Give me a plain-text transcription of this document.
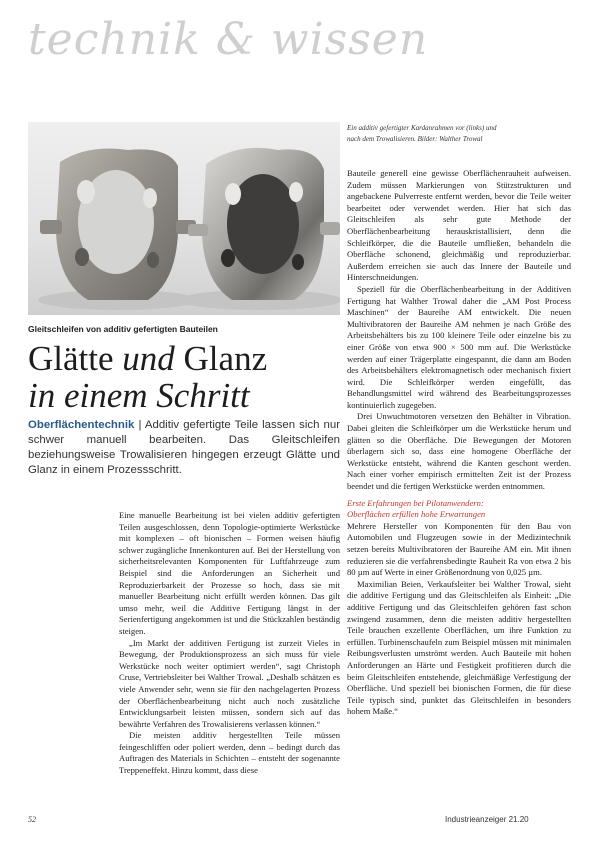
technik & wissen
Ein additiv gefertigter Kardanrahmen vor (links) und
nach dem Trowalisieren. Bilder: Walther Trowal
Gleitschleifen von additiv gefertigten Bauteilen
Glätte und Glanz
in einem Schritt
Oberflächentechnik | Additiv gefertigte Teile lassen sich nur schwer manuell bearbeiten. Das Gleitschleifen beziehungsweise Trowalisieren hingegen erzeugt Glätte und Glanz in einem Prozessschritt.

Eine manuelle Bearbeitung ist bei vielen additiv gefertigten Teilen ausgeschlossen, denn Topologie-optimierte Werkstücke mit komplexen – oft bionischen – Formen weisen häufig schwer zugängliche Innenkonturen auf. Bei der Herstellung von sicherheitsrelevanten Komponenten für Luftfahrzeuge zum Beispiel sind die Anforderungen an Sicherheit und Reproduzierbarkeit der Prozesse so hoch, dass sie mit manueller Bearbeitung nicht erfüllt werden können. Das gilt umso mehr, weil die Additive Fertigung längst in der Serienfertigung angekommen ist und die Stückzahlen beständig steigen.

„Im Markt der additiven Fertigung ist zurzeit Vieles in Bewegung, der Produktionsprozess an sich muss für viele Werkstücke noch weiter optimiert werden“, sagt Christoph Cruse, Vertriebsleiter bei Walther Trowal. „Deshalb schätzen es viele Anwender sehr, wenn sie für den nachgelagerten Prozess der Oberflächenbearbeitung nicht auch noch zusätzliche Entwicklungsarbeit leisten müssen, sondern sich auf das bewährte Verfahren des Trowalisierens verlassen können.“

Die meisten additiv hergestellten Teile müssen feingeschliffen oder poliert werden, denn – bedingt durch das Auftragen des Materials in Schichten – entsteht der sogenannte Treppeneffekt. Hinzu kommt, dass diese

Bauteile generell eine gewisse Oberflächenrauheit aufweisen. Zudem müssen Markierungen von Stützstrukturen und angebackene Pulverreste entfernt werden, bevor die Teile weiter bearbeitet oder verwendet werden. Hier hat sich das Gleitschleifen als sehr gute Methode der Oberflächenbearbeitung herauskristallisiert, denn die Schleifkörper, die die Bauteile umfließen, behandeln die Oberfläche schonend, gleichmäßig und reproduzierbar. Außerdem erreichen sie auch das Innere der Bauteile und Hinterschneidungen.

Speziell für die Oberflächenbearbeitung in der Additiven Fertigung hat Walther Trowal daher die „AM Post Process Maschinen“ der Baureihe AM entwickelt. Die neuen Multivibratoren der Baureihe AM nehmen je nach Größe des Arbeitsbehälters bis zu 100 kleinere Teile oder einzelne bis zu einer Größe von etwa 900 × 500 mm auf. Die Werkstücke werden auf einer Trägerplatte eingespannt, die dann am Boden des Arbeitsbehälters elektromagnetisch oder mechanisch fixiert wird. Die Schleifkörper werden eingefüllt, das Behandlungsmittel wird während des Bearbeitungsprozesses kontinuierlich zugegeben.

Drei Unwuchtmotoren versetzen den Behälter in Vibration. Dabei gleiten die Schleifkörper um die Werkstücke herum und glätten so die Oberfläche. Die Bewegungen der Motoren überlagern sich so, dass eine homogene Oberfläche der Werkstücke entsteht, während die Kanten geschont werden. Nach einer vorher empirisch ermittelten Zeit ist der Prozess beendet und die fertigen Werkstücke werden entnommen.

Erste Erfahrungen bei Pilotanwendern:
Oberflächen erfüllen hohe Erwartungen

Mehrere Hersteller von Komponenten für den Bau von Automobilen und Flugzeugen sowie in der Medizintechnik setzen bereits Multivibratoren der Baureihe AM ein. Mit ihnen reduzieren sie die verfahrensbedingte Rauheit Ra von etwa 2 bis 80 µm auf Werte in einer Größenordnung von 0,025 µm.

Maximilian Beien, Verkaufsleiter bei Walther Trowal, sieht die additive Fertigung und das Gleitschleifen als Einheit: „Die additive Fertigung und das Gleitschleifen gehören fast schon zwingend zusammen, denn die meisten additiv hergestellten Teile brauchen exzellente Oberflächen, um ihre Funktion zu erfüllen. Turbinenschaufeln zum Beispiel müssen mit minimalen Reibungsverlusten umströmt werden. Auch Bauteile mit hohen Anforderungen an Härte und Festigkeit profitieren durch die beim Gleitschleifen entstehende, gleichmäßige Verfestigung der Oberfläche. Und speziell bei bionischen Formen, die für diese Teile typisch sind, punktet das Gleitschleifen in besonders hohem Maße.“

52	Industrieanzeiger 21.20
